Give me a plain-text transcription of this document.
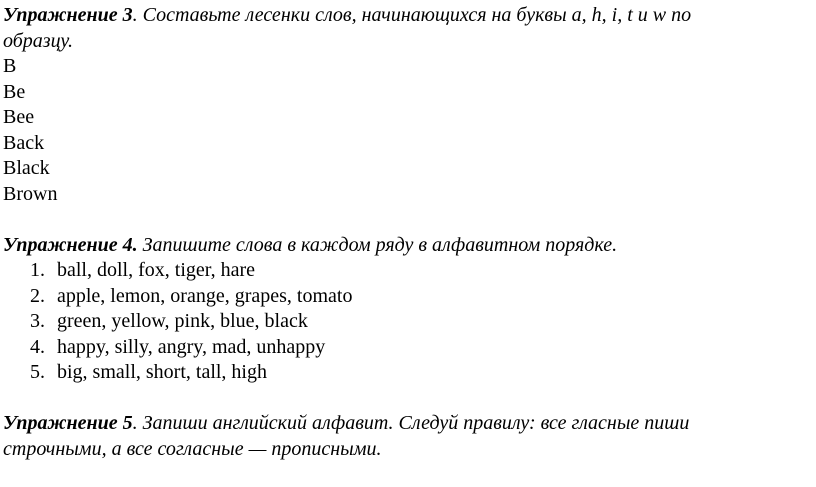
Упражнение 3. Составьте лесенки слов, начинающихся на буквы a, h, i, t и w по
образцу.
B
Be
Bee
Back
Black
Brown
Упражнение 4. Запишите слова в каждом ряду в алфавитном порядке.
1. ball, doll, fox, tiger, hare
2. apple, lemon, orange, grapes, tomato
3. green, yellow, pink, blue, black
4. happy, silly, angry, mad, unhappy
5. big, small, short, tall, high
Упражнение 5. Запиши английский алфавит. Следуй правилу: все гласные пиши
строчными, а все согласные — прописными.
